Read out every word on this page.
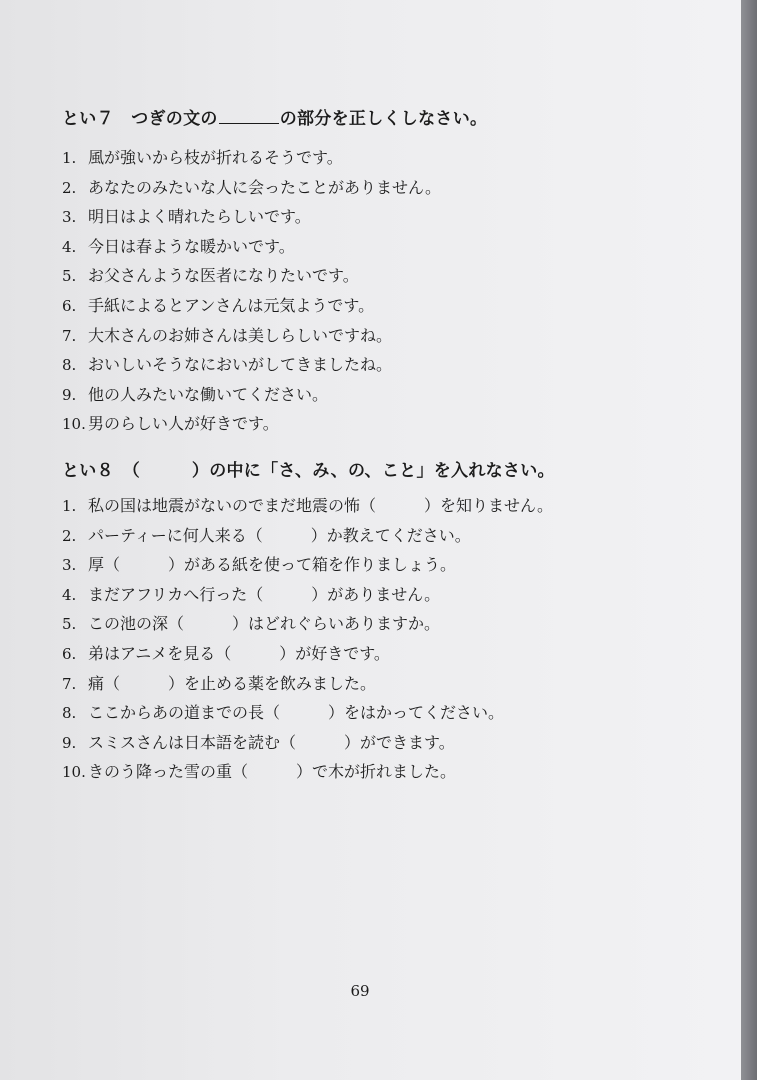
とい７　つぎの文の	の部分を正しくしなさい。
1. 風が強いから枝が折れるそうです。
2. あなたのみたいな人に会ったことがありません。
3. 明日はよく晴れたらしいです。
4. 今日は春ような暖かいです。
5. お父さんような医者になりたいです。
6. 手紙によるとアンさんは元気ようです。
7. 大木さんのお姉さんは美しらしいですね。
8. おいしいそうなにおいがしてきましたね。
9. 他の人みたいな働いてください。
10. 男のらしい人が好きです。
とい８　（　　　）の中に「さ、み、の、こと」を入れなさい。
1. 私の国は地震がないのでまだ地震の怖（　　　）を知りません。
2. パーティーに何人来る（　　　）か教えてください。
3. 厚（　　　）がある紙を使って箱を作りましょう。
4. まだアフリカへ行った（　　　）がありません。
5. この池の深（　　　）はどれぐらいありますか。
6. 弟はアニメを見る（　　　）が好きです。
7. 痛（　　　）を止める薬を飲みました。
8. ここからあの道までの長（　　　）をはかってください。
9. スミスさんは日本語を読む（　　　）ができます。
10. きのう降った雪の重（　　　）で木が折れました。
69
